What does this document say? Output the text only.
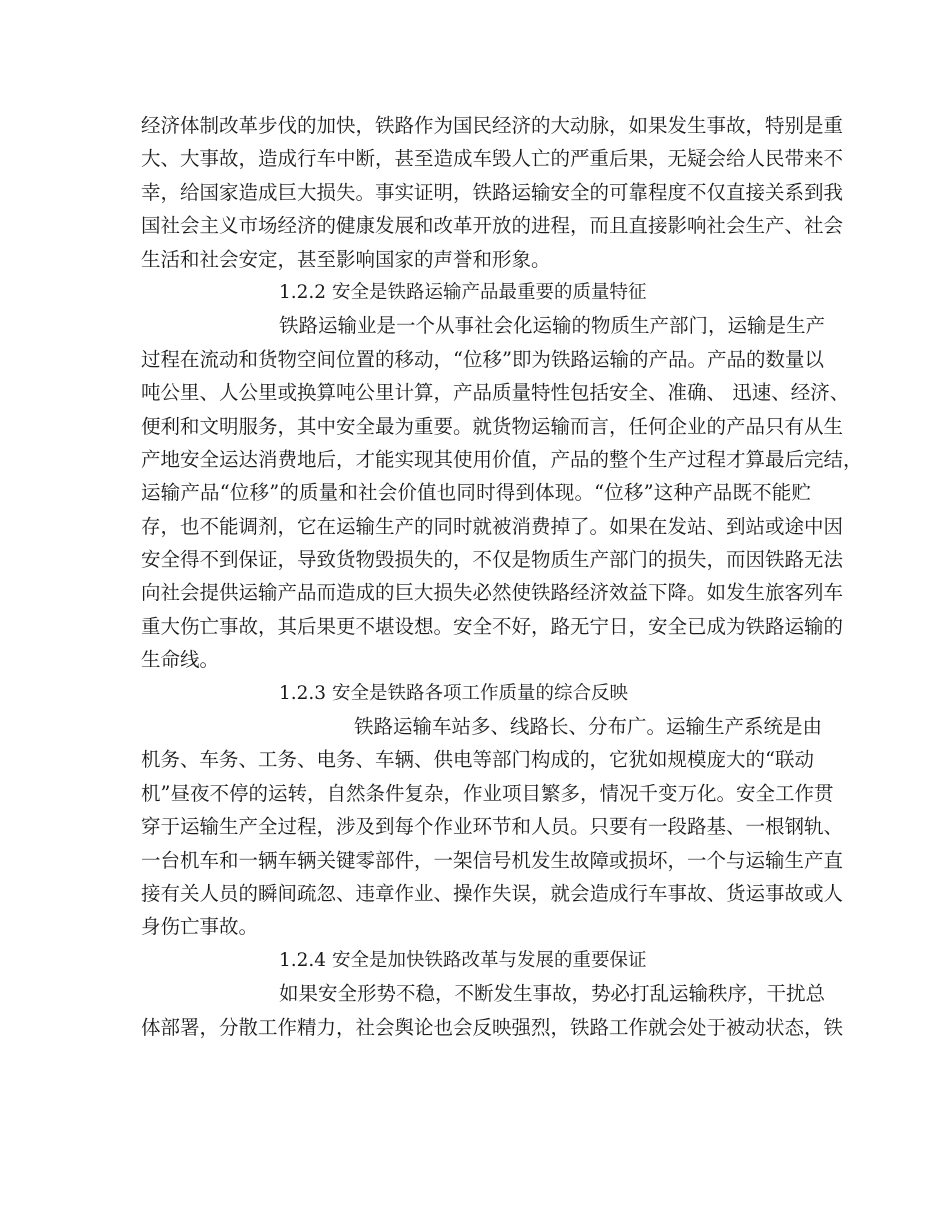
经济体制改革步伐的加快，铁路作为国民经济的大动脉，如果发生事故，特别是重
大、大事故，造成行车中断，甚至造成车毁人亡的严重后果，无疑会给人民带来不
幸，给国家造成巨大损失。事实证明，铁路运输安全的可靠程度不仅直接关系到我
国社会主义市场经济的健康发展和改革开放的进程，而且直接影响社会生产、社会
生活和社会安定，甚至影响国家的声誉和形象。
1.2.2 安全是铁路运输产品最重要的质量特征
铁路运输业是一个从事社会化运输的物质生产部门，运输是生产
过程在流动和货物空间位置的移动，“位移”即为铁路运输的产品。产品的数量以
吨公里、人公里或换算吨公里计算，产品质量特性包括安全、准确、 迅速、经济、
便利和文明服务，其中安全最为重要。就货物运输而言，任何企业的产品只有从生
产地安全运达消费地后，才能实现其使用价值，产品的整个生产过程才算最后完结，
运输产品“位移”的质量和社会价值也同时得到体现。“位移”这种产品既不能贮
存，也不能调剂，它在运输生产的同时就被消费掉了。如果在发站、到站或途中因
安全得不到保证，导致货物毁损失的，不仅是物质生产部门的损失，而因铁路无法
向社会提供运输产品而造成的巨大损失必然使铁路经济效益下降。如发生旅客列车
重大伤亡事故，其后果更不堪设想。安全不好，路无宁日，安全已成为铁路运输的
生命线。
1.2.3 安全是铁路各项工作质量的综合反映
铁路运输车站多、线路长、分布广。运输生产系统是由
机务、车务、工务、电务、车辆、供电等部门构成的，它犹如规模庞大的“联动
机”昼夜不停的运转，自然条件复杂，作业项目繁多，情况千变万化。安全工作贯
穿于运输生产全过程，涉及到每个作业环节和人员。只要有一段路基、一根钢轨、
一台机车和一辆车辆关键零部件，一架信号机发生故障或损坏，一个与运输生产直
接有关人员的瞬间疏忽、违章作业、操作失误，就会造成行车事故、货运事故或人
身伤亡事故。
1.2.4 安全是加快铁路改革与发展的重要保证
如果安全形势不稳，不断发生事故，势必打乱运输秩序，干扰总
体部署，分散工作精力，社会舆论也会反映强烈，铁路工作就会处于被动状态，铁
